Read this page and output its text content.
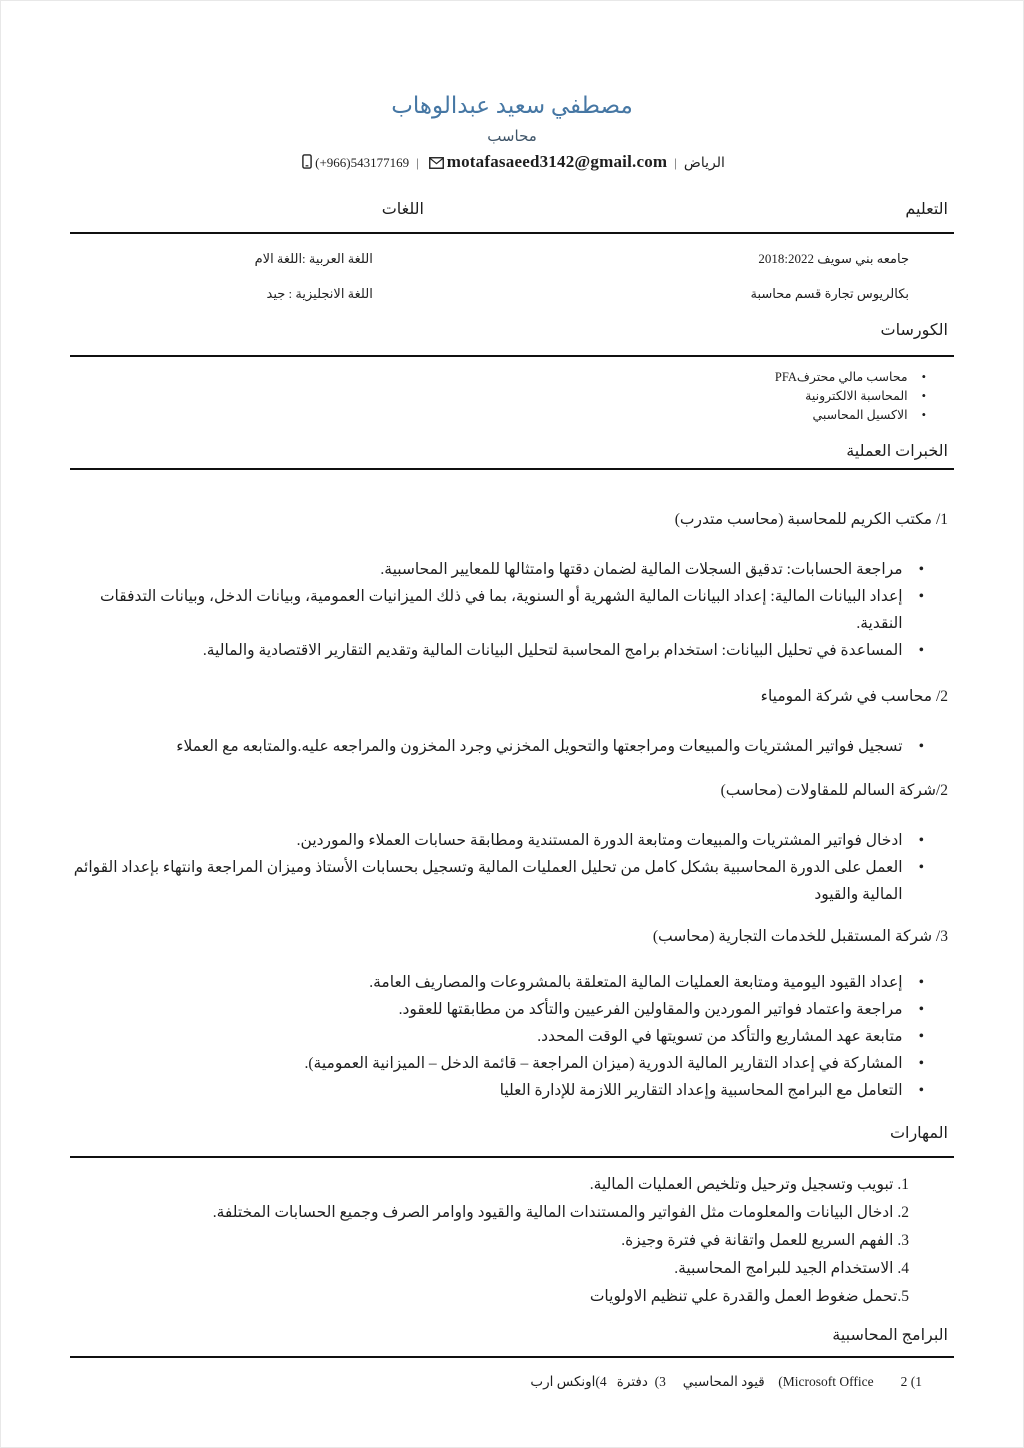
مصطفي سعيد عبدالوهاب
محاسب
الرياض|motafasaeed3142@gmail.com|(+966)543177169
التعليم
اللغات
جامعه بني سويف 2018:2022
بكالريوس تجارة قسم محاسبة
اللغة العربية :اللغة الام
اللغة الانجليزية : جيد
الكورسات
•
محاسب مالي محترفPFA
•
المحاسبة الالكترونية
•
الاكسيل المحاسبي
الخبرات العملية
1/ مكتب الكريم للمحاسبة (محاسب متدرب)
•
مراجعة الحسابات: تدقيق السجلات المالية لضمان دقتها وامتثالها للمعايير المحاسبية.
•
إعداد البيانات المالية: إعداد البيانات المالية الشهرية أو السنوية، بما في ذلك الميزانيات العمومية، وبيانات الدخل، وبيانات التدفقات النقدية.
•
المساعدة في تحليل البيانات: استخدام برامج المحاسبة لتحليل البيانات المالية وتقديم التقارير الاقتصادية والمالية.
2/ محاسب في شركة المومياء
•
تسجيل فواتير المشتريات والمبيعات ومراجعتها والتحويل المخزني وجرد المخزون والمراجعه عليه.والمتابعه مع العملاء
2/شركة السالم للمقاولات (محاسب)
•
ادخال فواتير المشتريات والمبيعات ومتابعة الدورة المستندية ومطابقة حسابات العملاء والموردين.
•
العمل على الدورة المحاسبية بشكل كامل من تحليل العمليات المالية وتسجيل بحسابات الأستاذ وميزان المراجعة وانتهاء بإعداد القوائم المالية والقيود
3/ شركة المستقبل للخدمات التجارية (محاسب)
•
إعداد القيود اليومية ومتابعة العمليات المالية المتعلقة بالمشروعات والمصاريف العامة.
•
مراجعة واعتماد فواتير الموردين والمقاولين الفرعيين والتأكد من مطابقتها للعقود.
•
متابعة عهد المشاريع والتأكد من تسويتها في الوقت المحدد.
•
المشاركة في إعداد التقارير المالية الدورية (ميزان المراجعة – قائمة الدخل – الميزانية العمومية).
•
التعامل مع البرامج المحاسبية وإعداد التقارير اللازمة للإدارة العليا
المهارات
1. تبويب وتسجيل وترحيل وتلخيص العمليات المالية.
2. ادخال البيانات والمعلومات مثل الفواتير والمستندات المالية والقيود واوامر الصرف وجميع الحسابات المختلفة.
3. الفهم السريع للعمل واتقانة في فترة وجيزة.
4. الاستخدام الجيد للبرامج المحاسبية.
5.تحمل ضغوط العمل والقدرة علي تنظيم الاولويات
البرامج المحاسبية
1) Microsoft Office        2)    قيود المحاسبي     3)  دفترة   4)اونكس ارب
